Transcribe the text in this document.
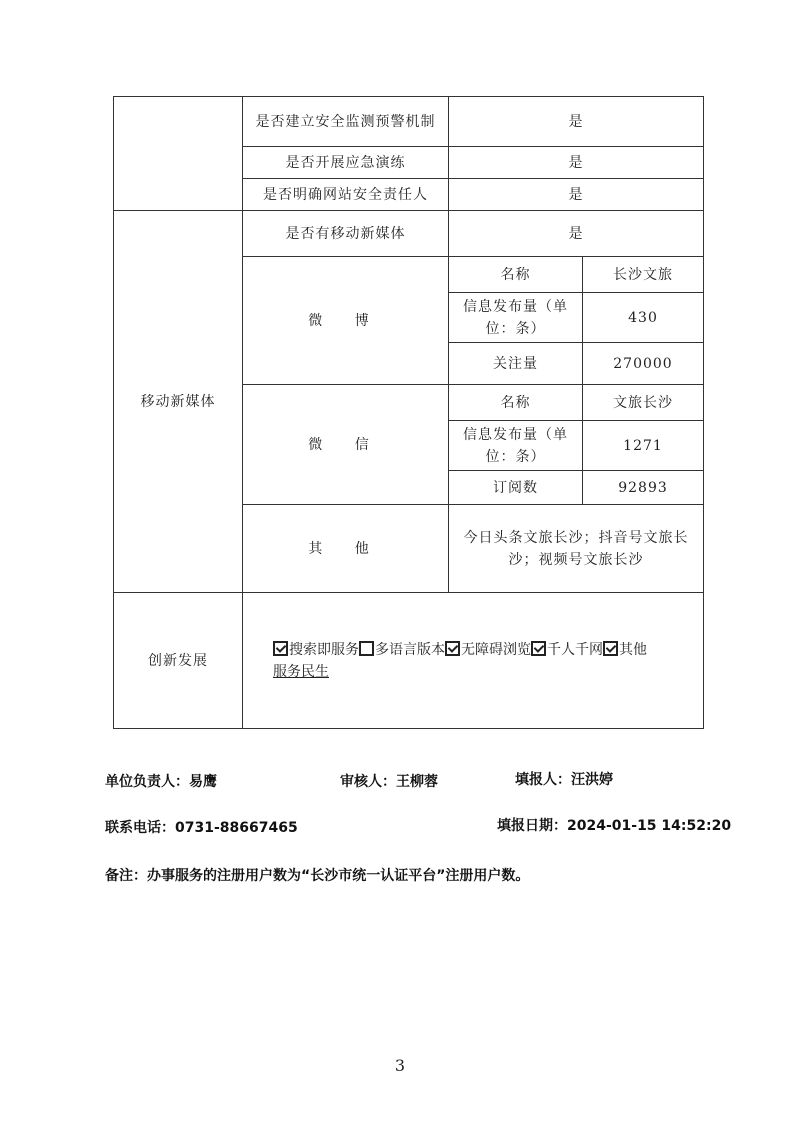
	是否建立安全监测预警机制	是	
	是否开展应急演练	是	
	是否明确网站安全责任人	是	
移动新媒体	是否有移动新媒体	是	
	微 博	名称	长沙文旅
		信息发布量（单位：条）	430
		关注量	270000
	微 信	名称	文旅长沙
		信息发布量（单位：条）	1271
		订阅数	92893
	其 他	今日头条文旅长沙；抖音号文旅长沙；视频号文旅长沙	
创新发展	搜索即服务 多语言版本 无障碍浏览 千人千网 其他
服务民生		
单位负责人：易鹰	审核人：王柳蓉	填报人：汪洪婷
联系电话：0731-88667465	填报日期：2024-01-15 14:52:20
备注：办事服务的注册用户数为“长沙市统一认证平台”注册用户数。
3
